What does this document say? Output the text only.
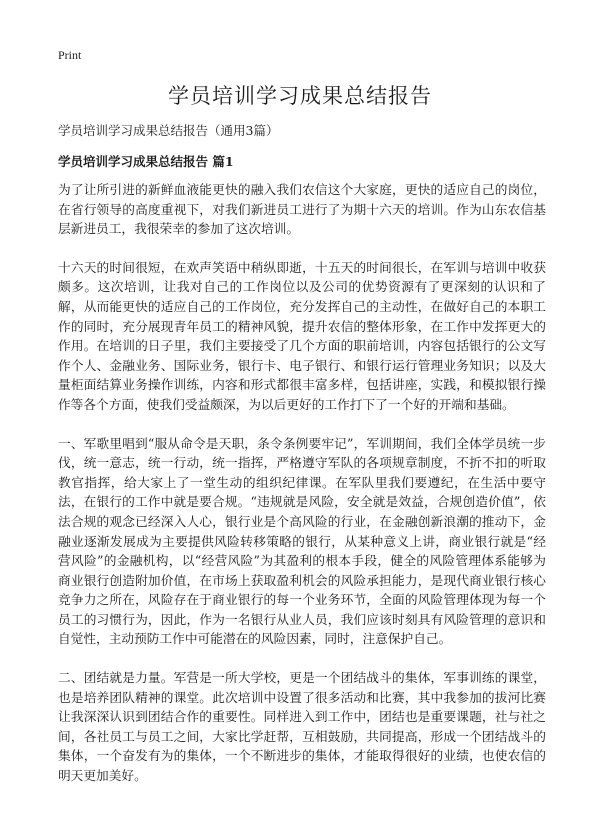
Print
学员培训学习成果总结报告

学员培训学习成果总结报告（通用3篇）

学员培训学习成果总结报告 篇1

为了让所引进的新鲜血液能更快的融入我们农信这个大家庭，更快的适应自己的岗位，在省行领导的高度重视下，对我们新进员工进行了为期十六天的培训。作为山东农信基层新进员工，我很荣幸的参加了这次培训。

十六天的时间很短，在欢声笑语中稍纵即逝，十五天的时间很长，在军训与培训中收获颇多。这次培训，让我对自己的工作岗位以及公司的优势资源有了更深刻的认识和了解，从而能更快的适应自己的工作岗位，充分发挥自己的主动性，在做好自己的本职工作的同时，充分展现青年员工的精神风貌，提升农信的整体形象，在工作中发挥更大的作用。在培训的日子里，我们主要接受了几个方面的职前培训，内容包括银行的公文写作个人、金融业务、国际业务，银行卡、电子银行、和银行运行管理业务知识；以及大量柜面结算业务操作训练，内容和形式都很丰富多样，包括讲座，实践，和模拟银行操作等各个方面，使我们受益颇深，为以后更好的工作打下了一个好的开端和基础。

一、军歌里唱到“服从命令是天职，条令条例要牢记”，军训期间，我们全体学员统一步伐，统一意志，统一行动，统一指挥，严格遵守军队的各项规章制度，不折不扣的听取教官指挥，给大家上了一堂生动的组织纪律课。在军队里我们要遵纪，在生活中要守法，在银行的工作中就是要合规。“违规就是风险，安全就是效益，合规创造价值”，依法合规的观念已经深入人心，银行业是个高风险的行业，在金融创新浪潮的推动下，金融业逐渐发展成为主要提供风险转移策略的银行，从某种意义上讲，商业银行就是“经营风险”的金融机构，以“经营风险”为其盈利的根本手段，健全的风险管理体系能够为商业银行创造附加价值，在市场上获取盈利机会的风险承担能力，是现代商业银行核心竞争力之所在，风险存在于商业银行的每一个业务环节，全面的风险管理体现为每一个员工的习惯行为，因此，作为一名银行从业人员，我们应该时刻具有风险管理的意识和自觉性，主动预防工作中可能潜在的风险因素，同时，注意保护自己。

二、团结就是力量。军营是一所大学校，更是一个团结战斗的集体，军事训练的课堂，也是培养团队精神的课堂。此次培训中设置了很多活动和比赛，其中我参加的拔河比赛让我深深认识到团结合作的重要性。同样进入到工作中，团结也是重要课题，社与社之间，各社员工与员工之间，大家比学赶帮，互相鼓励，共同提高，形成一个团结战斗的集体，一个奋发有为的集体，一个不断进步的集体，才能取得很好的业绩，也使农信的明天更加美好。
